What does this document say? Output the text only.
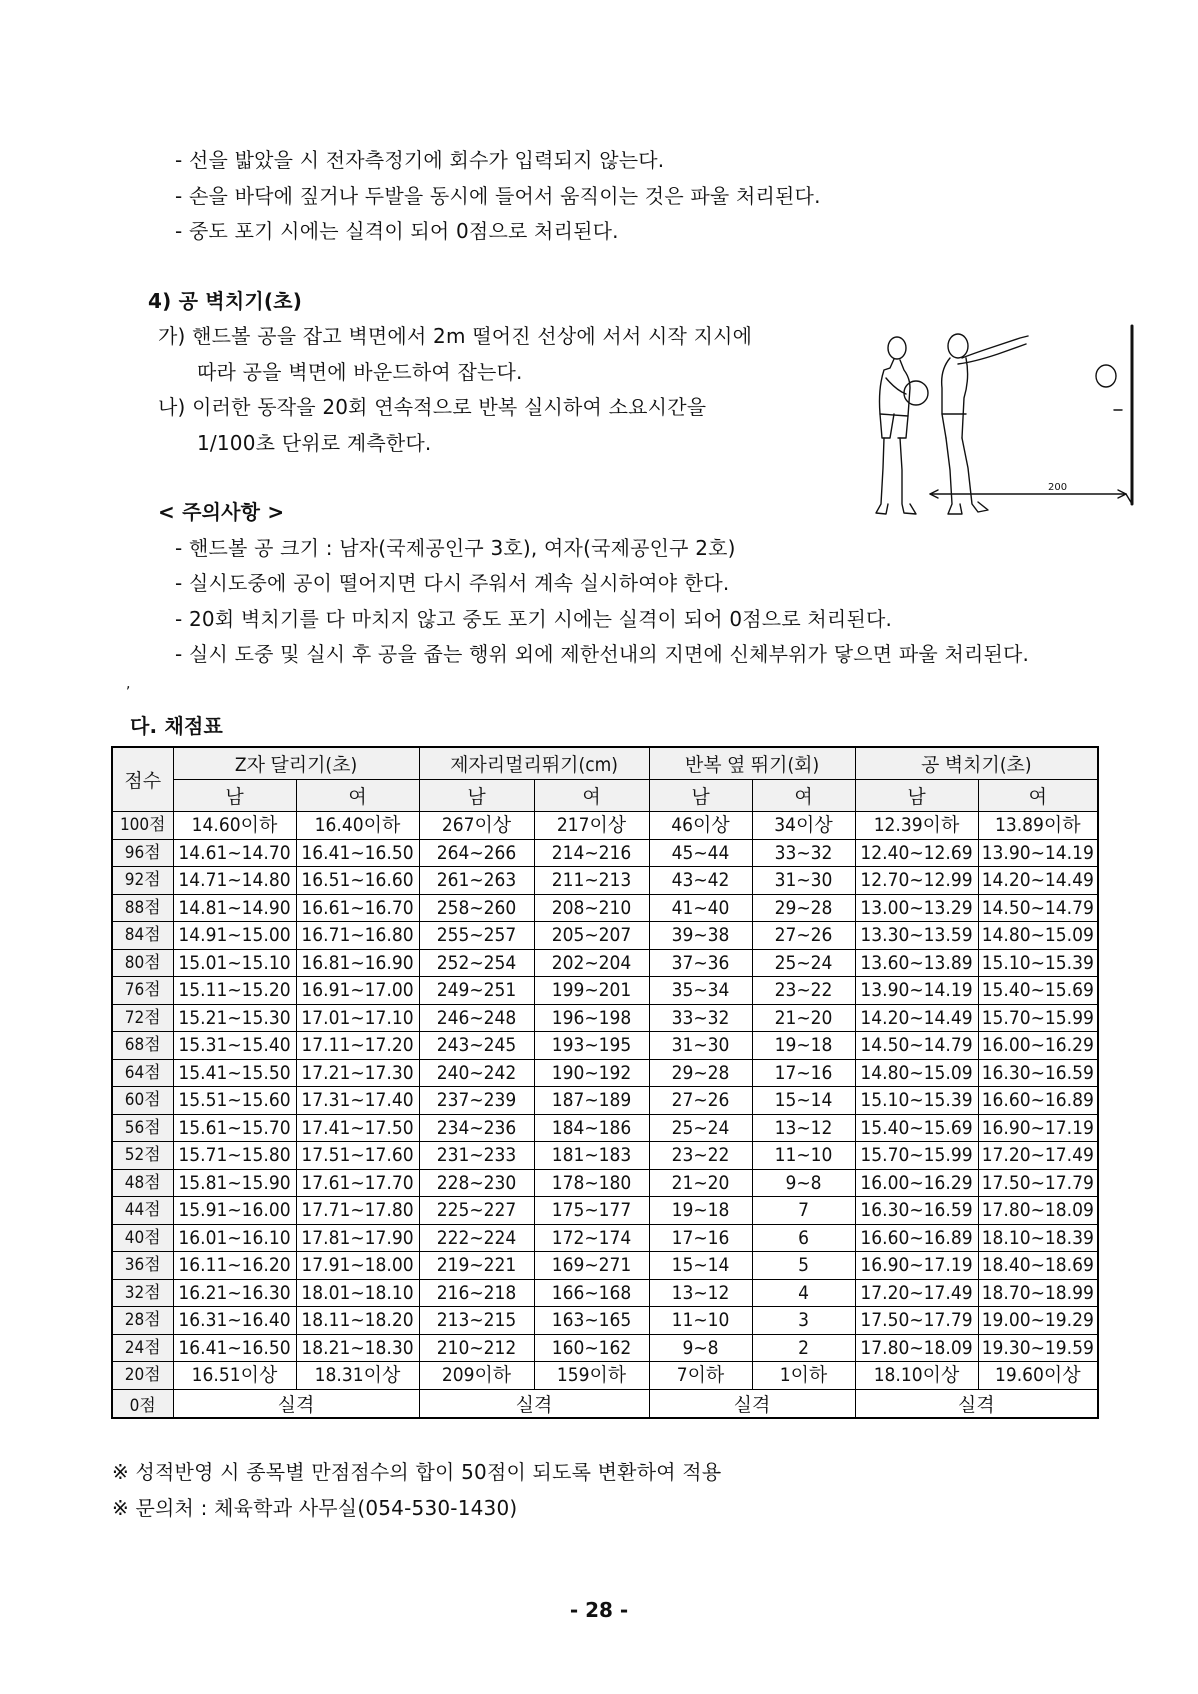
- 선을 밟았을 시 전자측정기에 회수가 입력되지 않는다.
- 손을 바닥에 짚거나 두발을 동시에 들어서 움직이는 것은 파울 처리된다.
- 중도 포기 시에는 실격이 되어 0점으로 처리된다.
4) 공 벽치기(초)
가) 핸드볼 공을 잡고 벽면에서 2m 떨어진 선상에 서서 시작 지시에
따라 공을 벽면에 바운드하여 잡는다.
나) 이러한 동작을 20회 연속적으로 반복 실시하여 소요시간을
1/100초 단위로 계측한다.
200
< 주의사항 >
- 핸드볼 공 크기 : 남자(국제공인구 3호), 여자(국제공인구 2호)
- 실시도중에 공이 떨어지면 다시 주워서 계속 실시하여야 한다.
- 20회 벽치기를 다 마치지 않고 중도 포기 시에는 실격이 되어 0점으로 처리된다.
- 실시 도중 및 실시 후 공을 줍는 행위 외에 제한선내의 지면에 신체부위가 닿으면 파울 처리된다.
,
다. 채점표
점수	Z자 달리기(초)		제자리멀리뛰기(cm)		반복 옆 뛰기(회)		공 벽치기(초)	
	남	여	남	여	남	여	남	여
100점	14.60이하	16.40이하	267이상	217이상	46이상	34이상	12.39이하	13.89이하
96점	14.61~14.70	16.41~16.50	264~266	214~216	45~44	33~32	12.40~12.69	13.90~14.19
92점	14.71~14.80	16.51~16.60	261~263	211~213	43~42	31~30	12.70~12.99	14.20~14.49
88점	14.81~14.90	16.61~16.70	258~260	208~210	41~40	29~28	13.00~13.29	14.50~14.79
84점	14.91~15.00	16.71~16.80	255~257	205~207	39~38	27~26	13.30~13.59	14.80~15.09
80점	15.01~15.10	16.81~16.90	252~254	202~204	37~36	25~24	13.60~13.89	15.10~15.39
76점	15.11~15.20	16.91~17.00	249~251	199~201	35~34	23~22	13.90~14.19	15.40~15.69
72점	15.21~15.30	17.01~17.10	246~248	196~198	33~32	21~20	14.20~14.49	15.70~15.99
68점	15.31~15.40	17.11~17.20	243~245	193~195	31~30	19~18	14.50~14.79	16.00~16.29
64점	15.41~15.50	17.21~17.30	240~242	190~192	29~28	17~16	14.80~15.09	16.30~16.59
60점	15.51~15.60	17.31~17.40	237~239	187~189	27~26	15~14	15.10~15.39	16.60~16.89
56점	15.61~15.70	17.41~17.50	234~236	184~186	25~24	13~12	15.40~15.69	16.90~17.19
52점	15.71~15.80	17.51~17.60	231~233	181~183	23~22	11~10	15.70~15.99	17.20~17.49
48점	15.81~15.90	17.61~17.70	228~230	178~180	21~20	9~8	16.00~16.29	17.50~17.79
44점	15.91~16.00	17.71~17.80	225~227	175~177	19~18	7	16.30~16.59	17.80~18.09
40점	16.01~16.10	17.81~17.90	222~224	172~174	17~16	6	16.60~16.89	18.10~18.39
36점	16.11~16.20	17.91~18.00	219~221	169~271	15~14	5	16.90~17.19	18.40~18.69
32점	16.21~16.30	18.01~18.10	216~218	166~168	13~12	4	17.20~17.49	18.70~18.99
28점	16.31~16.40	18.11~18.20	213~215	163~165	11~10	3	17.50~17.79	19.00~19.29
24점	16.41~16.50	18.21~18.30	210~212	160~162	9~8	2	17.80~18.09	19.30~19.59
20점	16.51이상	18.31이상	209이하	159이하	7이하	1이하	18.10이상	19.60이상
0점	실격		실격		실격		실격	
※ 성적반영 시 종목별 만점점수의 합이 50점이 되도록 변환하여 적용
※ 문의처 : 체육학과 사무실(054-530-1430)
- 28 -
